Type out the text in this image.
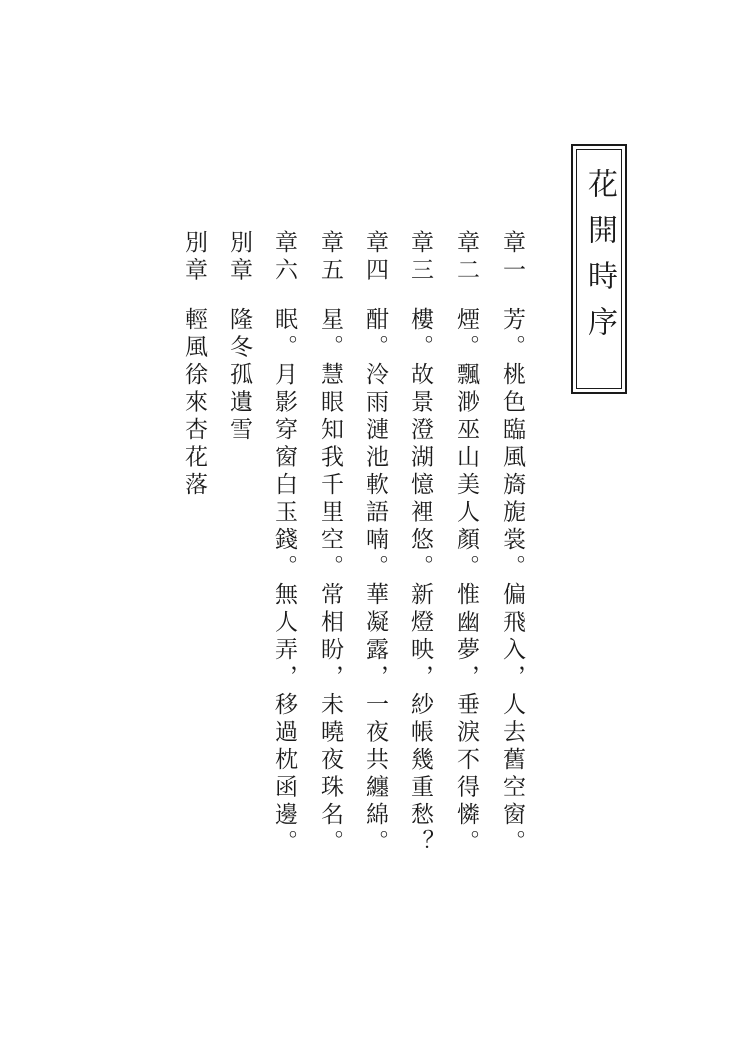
花開時序
章一芳。桃色臨風旖旎裳。偏飛入，人去舊空窗。
章二煙。飄渺巫山美人顏。惟幽夢，垂淚不得憐。
章三樓。故景澄湖憶裡悠。新燈映，紗帳幾重愁？
章四酣。泠雨漣池軟語喃。華凝露，一夜共纏綿。
章五星。慧眼知我千里空。常相盼，未曉夜珠名。
章六眠。月影穿窗白玉錢。無人弄，移過枕函邊。
別章隆冬孤遺雪
別章輕風徐來杏花落
